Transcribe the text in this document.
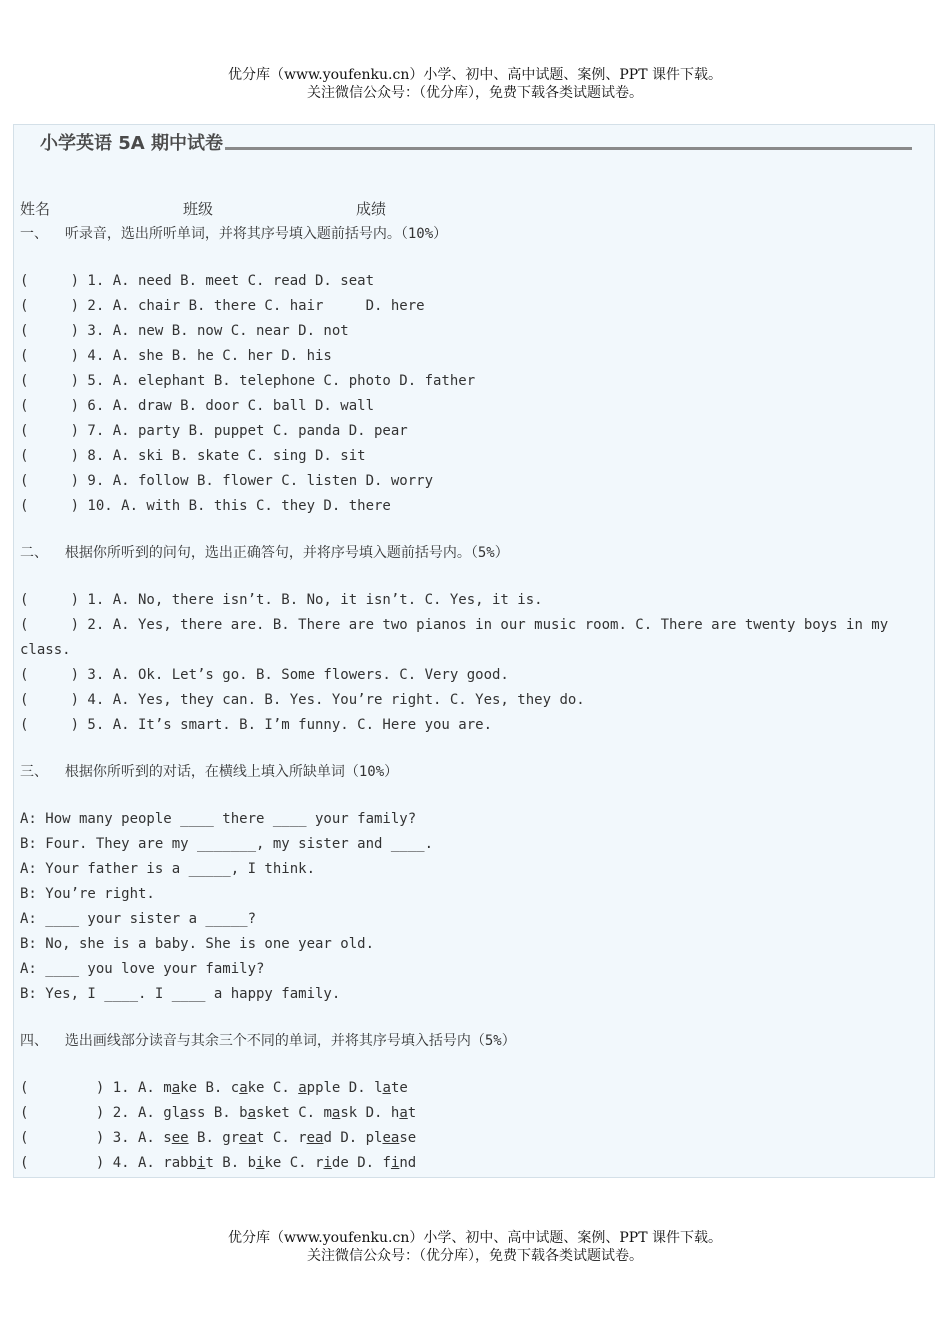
优分库（www.youfenku.cn）小学、初中、高中试题、案例、PPT 课件下载。
关注微信公众号：（优分库），免费下载各类试题试卷。
小学英语 5A 期中试卷
姓名	班级	成绩
一、  听录音，选出所听单词，并将其序号填入题前括号内。（10%）
(     ) 1. A. need B. meet C. read D. seat
(     ) 2. A. chair B. there C. hair     D. here
(     ) 3. A. new B. now C. near D. not
(     ) 4. A. she B. he C. her D. his
(     ) 5. A. elephant B. telephone C. photo D. father
(     ) 6. A. draw B. door C. ball D. wall
(     ) 7. A. party B. puppet C. panda D. pear
(     ) 8. A. ski B. skate C. sing D. sit
(     ) 9. A. follow B. flower C. listen D. worry
(     ) 10. A. with B. this C. they D. there
二、  根据你所听到的问句，选出正确答句，并将序号填入题前括号内。（5%）
(     ) 1. A. No, there isn’t. B. No, it isn’t. C. Yes, it is.
(     ) 2. A. Yes, there are. B. There are two pianos in our music room. C. There are twenty boys in my
class.
(     ) 3. A. Ok. Let’s go. B. Some flowers. C. Very good.
(     ) 4. A. Yes, they can. B. Yes. You’re right. C. Yes, they do.
(     ) 5. A. It’s smart. B. I’m funny. C. Here you are.
三、  根据你所听到的对话，在横线上填入所缺单词（10%）
A: How many people ____ there ____ your family?
B: Four. They are my _______, my sister and ____.
A: Your father is a _____, I think.
B: You’re right.
A: ____ your sister a _____?
B: No, she is a baby. She is one year old.
A: ____ you love your family?
B: Yes, I ____. I ____ a happy family.
四、  选出画线部分读音与其余三个不同的单词，并将其序号填入括号内（5%）
(        ) 1. A. make B. cake C. apple D. late
(        ) 2. A. glass B. basket C. mask D. hat
(        ) 3. A. see B. great C. read D. please
(        ) 4. A. rabbit B. bike C. ride D. find
优分库（www.youfenku.cn）小学、初中、高中试题、案例、PPT 课件下载。
关注微信公众号：（优分库），免费下载各类试题试卷。
